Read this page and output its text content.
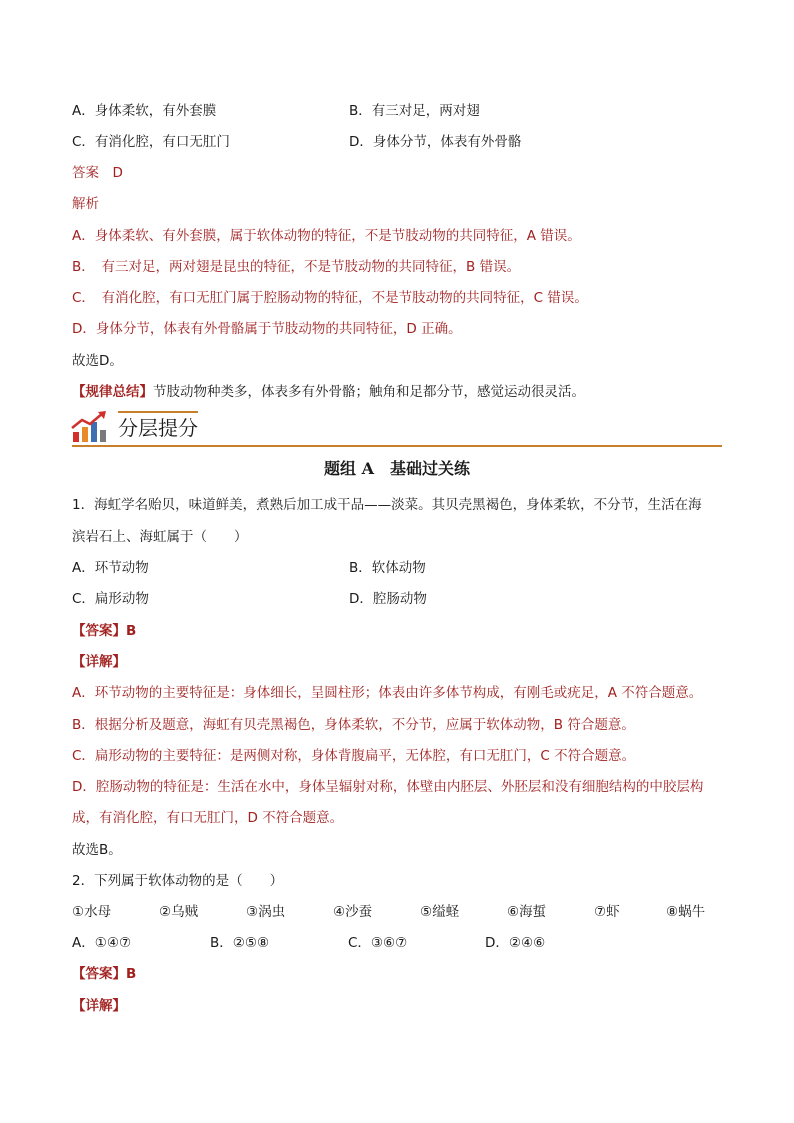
A．身体柔软，有外套膜	B．有三对足，两对翅
C．有消化腔，有口无肛门	D．身体分节，体表有外骨骼
答案　D
解析
A．身体柔软、有外套膜，属于软体动物的特征，不是节肢动物的共同特征，A 错误。
B．　有三对足，两对翅是昆虫的特征，不是节肢动物的共同特征，B 错误。
C．　有消化腔，有口无肛门属于腔肠动物的特征，不是节肢动物的共同特征，C 错误。
D．身体分节，体表有外骨骼属于节肢动物的共同特征，D 正确。
故选D。
【规律总结】节肢动物种类多，体表多有外骨骼；触角和足都分节，感觉运动很灵活。
分层提分
题组 A　基础过关练
1．海虹学名贻贝，味道鲜美，煮熟后加工成干品——淡菜。其贝壳黑褐色，身体柔软，不分节，生活在海
滨岩石上、海虹属于（　　）
A．环节动物	B．软体动物
C．扁形动物	D．腔肠动物
【答案】B
【详解】
A．环节动物的主要特征是：身体细长，呈圆柱形；体表由许多体节构成，有刚毛或疣足，A 不符合题意。
B．根据分析及题意，海虹有贝壳黑褐色，身体柔软，不分节，应属于软体动物，B 符合题意。
C．扁形动物的主要特征：是两侧对称，身体背腹扁平，无体腔，有口无肛门，C 不符合题意。
D．腔肠动物的特征是：生活在水中，身体呈辐射对称，体壁由内胚层、外胚层和没有细胞结构的中胶层构
成，有消化腔，有口无肛门，D 不符合题意。
故选B。
2．下列属于软体动物的是（　　）
①水母	②乌贼	③涡虫	④沙蚕	⑤缢蛏	⑥海蜇	⑦虾	⑧蜗牛
A．①④⑦	B．②⑤⑧	C．③⑥⑦	D．②④⑥
【答案】B
【详解】
